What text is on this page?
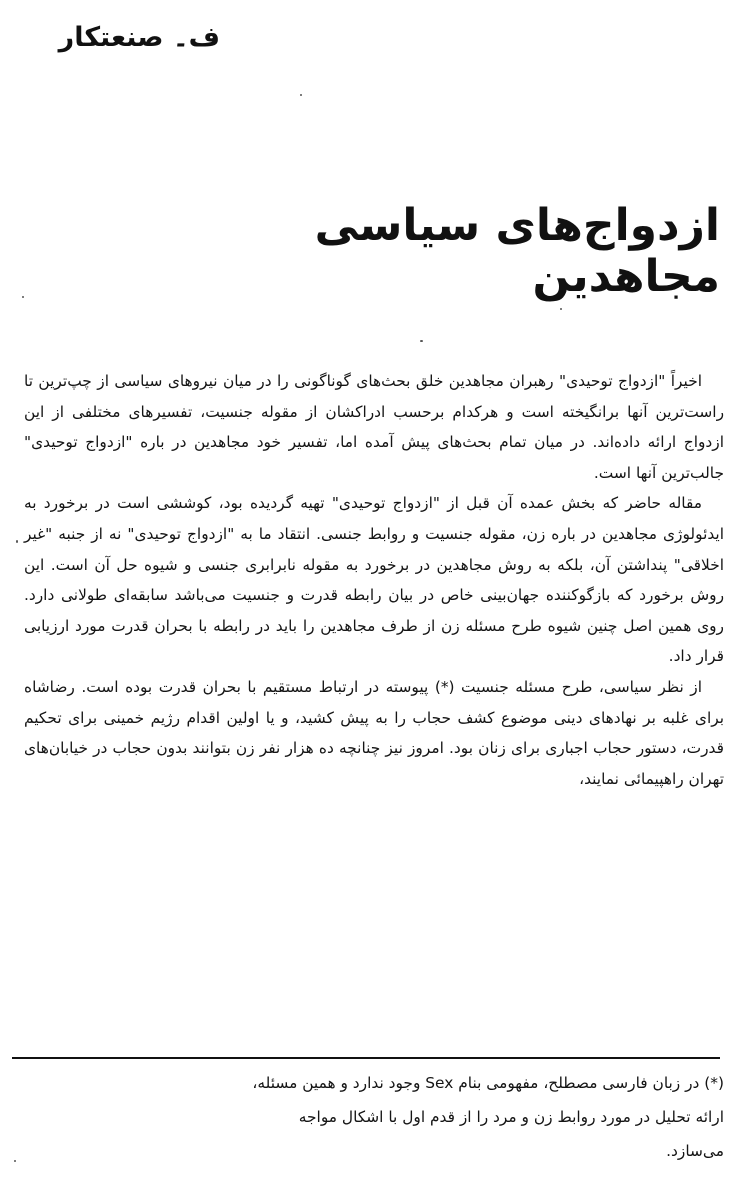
ف۔ صنعتکار
ازدواج‌های سیاسی مجاهدین

اخیراً "ازدواج توحیدی" رهبران مجاهدین خلق بحث‌های گوناگونی را در میان نیروهای سیاسی از چپ‌ترین تا راست‌ترین آنها برانگیخته است و هرکدام برحسب ادراکشان از مقوله جنسیت، تفسیرهای مختلفی از این ازدواج ارائه داده‌اند. در میان تمام بحث‌های پیش آمده اما، تفسیر خود مجاهدین در باره "ازدواج توحیدی" جالب‌ترین آنها است.

مقاله حاضر که بخش عمده آن قبل از "ازدواج توحیدی" تهیه گردیده بود، کوششی است در برخورد به ایدئولوژی مجاهدین در باره زن، مقوله جنسیت و روابط جنسی. انتقاد ما به "ازدواج توحیدی" نه از جنبه "غیر اخلاقی" پنداشتن آن، بلکه به روش مجاهدین در برخورد به مقوله نابرابری جنسی و شیوه حل آن است. این روش برخورد که بازگوکننده جهان‌بینی خاص در بیان رابطه قدرت و جنسیت می‌باشد سابقه‌ای طولانی دارد. روی همین اصل چنین شیوه طرح مسئله زن از طرف مجاهدین را باید در رابطه با بحران قدرت مورد ارزیابی قرار داد.

از نظر سیاسی، طرح مسئله جنسیت (*) پیوسته در ارتباط مستقیم با بحران قدرت بوده است. رضاشاه برای غلبه بر نهادهای دینی موضوع کشف حجاب را به پیش کشید، و یا اولین اقدام رژیم خمینی برای تحکیم قدرت، دستور حجاب اجباری برای زنان بود. امروز نیز چنانچه ده هزار نفر زن بتوانند بدون حجاب در خیابان‌های تهران راهپیمائی نمایند،

(*) در زبان فارسی مصطلح، مفهومی بنام Sex وجود ندارد و همین مسئله،
ارائه تحلیل در مورد روابط زن و مرد را از قدم اول با اشکال مواجه
می‌سازد.
